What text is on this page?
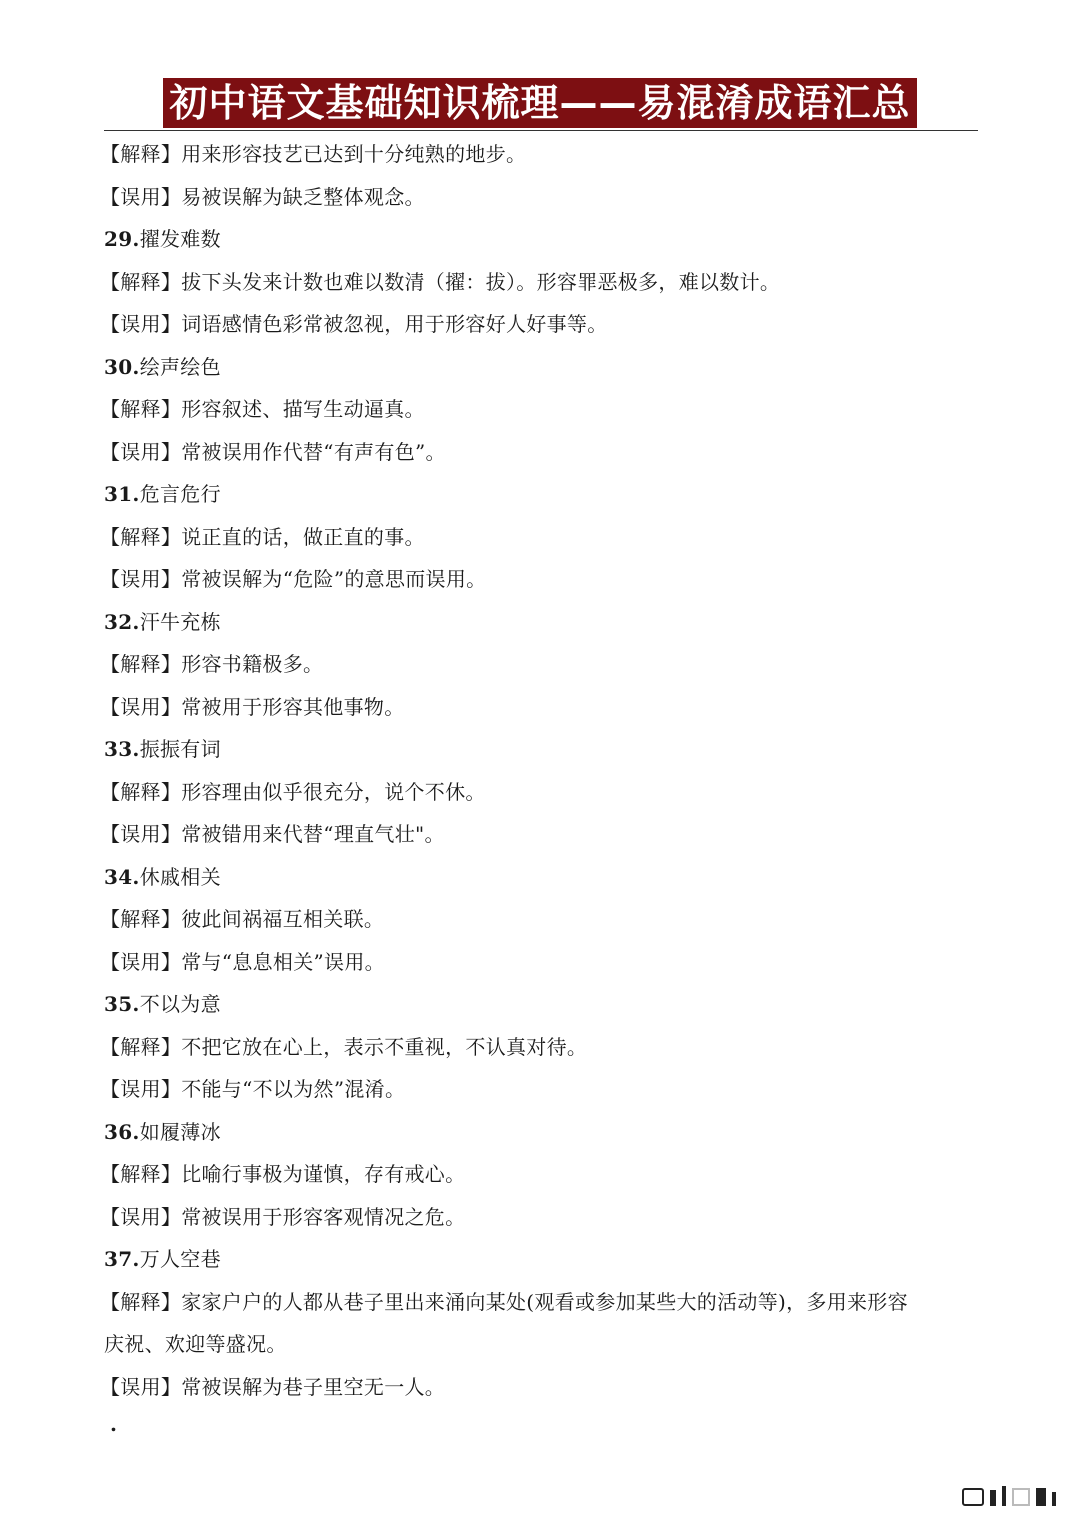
初中语文基础知识梳理——易混淆成语汇总
【解释】用来形容技艺已达到十分纯熟的地步。
【误用】易被误解为缺乏整体观念。
29.擢发难数
【解释】拔下头发来计数也难以数清（擢：拔）。形容罪恶极多，难以数计。
【误用】词语感情色彩常被忽视，用于形容好人好事等。
30.绘声绘色
【解释】形容叙述、描写生动逼真。
【误用】常被误用作代替“有声有色”。
31.危言危行
【解释】说正直的话，做正直的事。
【误用】常被误解为“危险”的意思而误用。
32.汗牛充栋
【解释】形容书籍极多。
【误用】常被用于形容其他事物。
33.振振有词
【解释】形容理由似乎很充分，说个不休。
【误用】常被错用来代替“理直气壮"。
34.休戚相关
【解释】彼此间祸福互相关联。
【误用】常与“息息相关”误用。
35.不以为意
【解释】不把它放在心上，表示不重视，不认真对待。
【误用】不能与“不以为然”混淆。
36.如履薄冰
【解释】比喻行事极为谨慎，存有戒心。
【误用】常被误用于形容客观情况之危。
37.万人空巷
【解释】家家户户的人都从巷子里出来涌向某处(观看或参加某些大的活动等)，多用来形容
庆祝、欢迎等盛况。
【误用】常被误解为巷子里空无一人。
.
